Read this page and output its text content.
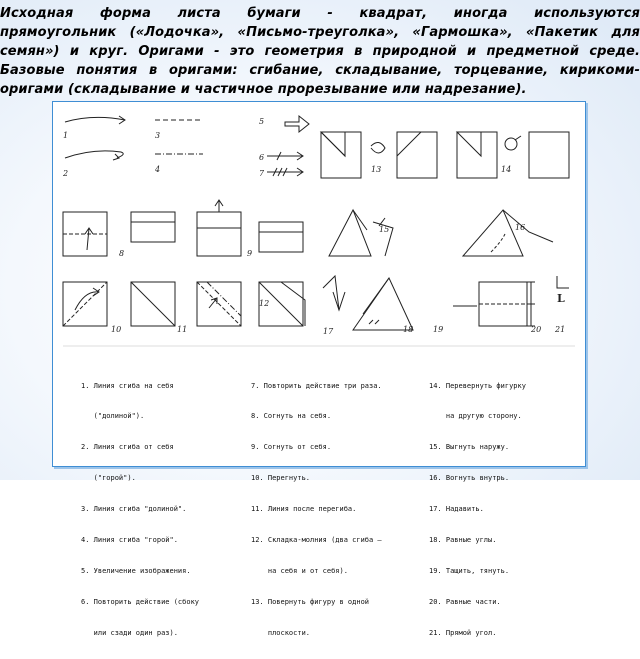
Исходная форма листа бумаги - квадрат, иногда используются
прямоугольник («Лодочка», «Письмо-треуголка», «Гармошка», «Пакетик для
семян») и круг. Оригами - это геометрия в природной и предметной среде.
Базовые понятия в оригами: сгибание, складывание, торцевание, кирикоми-
оригами (складывание и частичное прорезывание или надрезание).
1
2
3
4
5
6
7
8	9
10	11
12
13	14
15	16
17	18 19	20 21
L

1. Линия сгиба на себя

("долиной").

2. Линия сгиба от себя

("горой").

3. Линия сгиба "долиной".

4. Линия сгиба "горой".

5. Увеличение изображения.

6. Повторить действие (сбоку

или сзади один раз).

7. Повторить действие три раза.

8. Согнуть на себя.

9. Согнуть от себя.

10. Перегнуть.

11. Линия после перегиба.

12. Складка-молния (два сгиба —

на себя и от себя).

13. Повернуть фигуру в одной

плоскости.

14. Перевернуть фигурку

на другую сторону.

15. Выгнуть наружу.

16. Вогнуть внутрь.

17. Надавить.

18. Равные углы.

19. Тащить, тянуть.

20. Равные части.

21. Прямой угол.
